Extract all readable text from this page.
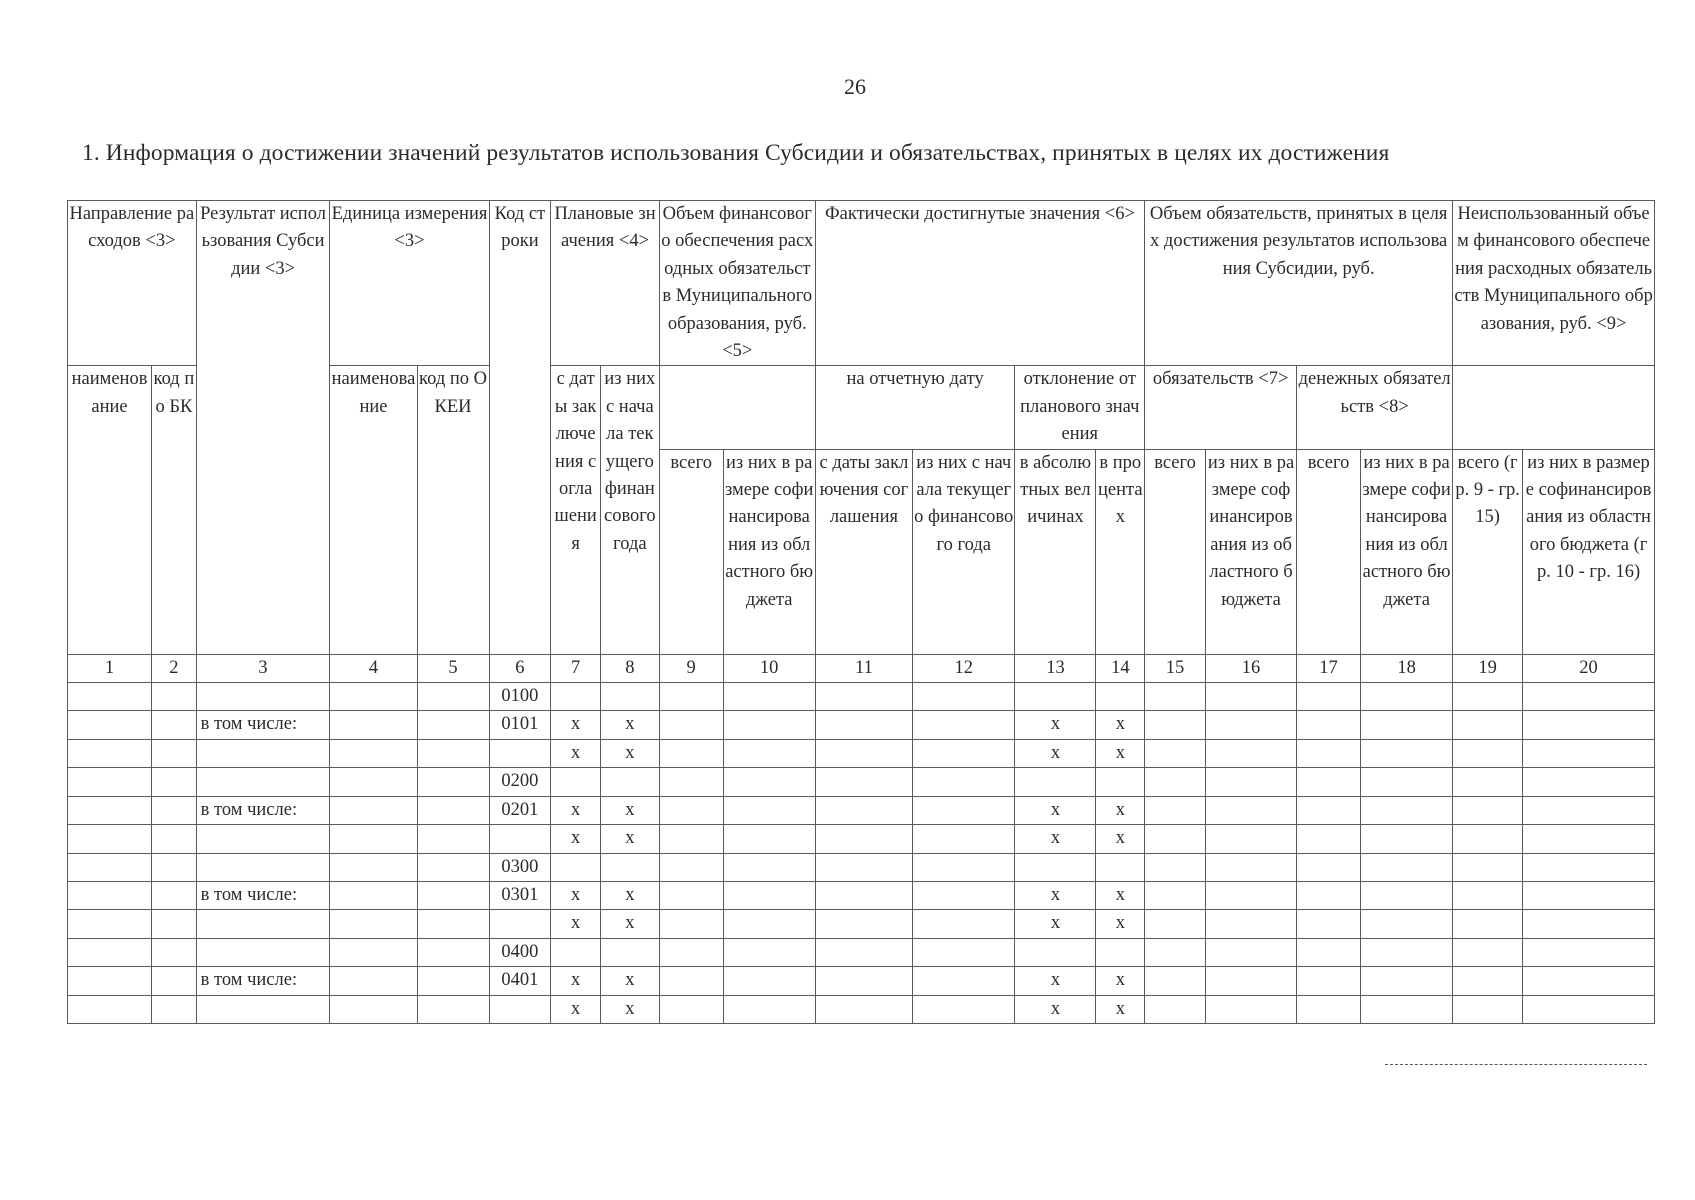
26
1. Информация о достижении значений результатов использования Субсидии и обязательствах, принятых в целях их достижения
Направление расходов <3>		Результат использования Субсидии <3>	Единица измерения <3>		Код строки	Плановые значения <4>		Объем финансового обеспечения расходных обязательств Муниципального образования, руб. <5>		Фактически достигнутые значения <6>				Объем обязательств, принятых в целях достижения результатов использования Субсидии, руб.				Неиспользованный объем финансового обеспечения расходных обязательств Муниципального образования, руб. <9>	
наименование	код по БК		наименование	код по ОКЕИ		с даты заключения соглашения	из них с начала текущего финансового года			на отчетную дату		отклонение от планового значения		обязательств <7>		денежных обязательств <8>			
								всего	из них в размере софинансирования из областного бюджета	с даты заключения соглашения	из них с начала текущего финансового года	в абсолютных величинах	в процентах	всего	из них в размере софинансирования из областного бюджета	всего	из них в размере софинансирования из областного бюджета	всего (гр. 9 - гр. 15)	из них в размере софинансирования из областного бюджета (гр. 10 - гр. 16)
1	2	3	4	5	6	7	8	9	10	11	12	13	14	15	16	17	18	19	20
					0100														
		в том числе:			0101	x	x					x	x						
						x	x					x	x						
					0200														
		в том числе:			0201	x	x					x	x						
						x	x					x	x						
					0300														
		в том числе:			0301	x	x					x	x						
						x	x					x	x						
					0400														
		в том числе:			0401	x	x					x	x						
						x	x					x	x						
